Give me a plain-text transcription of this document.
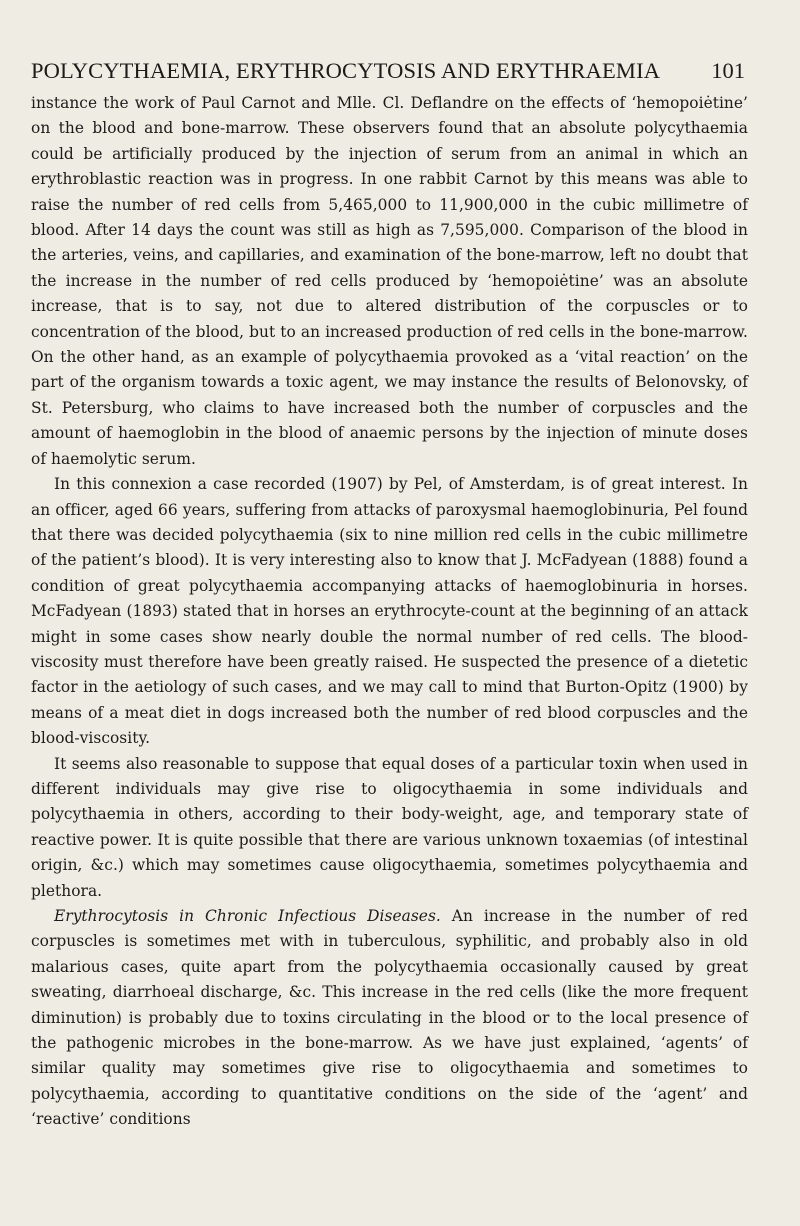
POLYCYTHAEMIA, ERYTHROCYTOSIS AND ERYTHRAEMIA 101

instance the work of Paul Carnot and Mlle. Cl. Deflandre on the effects of ‘hemopoiėtine’ on the blood and bone-marrow. These observers found that an absolute polycythaemia could be artificially produced by the injection of serum from an animal in which an erythroblastic reaction was in progress. In one rabbit Carnot by this means was able to raise the number of red cells from 5,465,000 to 11,900,000 in the cubic millimetre of blood. After 14 days the count was still as high as 7,595,000. Comparison of the blood in the arteries, veins, and capillaries, and examination of the bone-marrow, left no doubt that the increase in the number of red cells produced by ‘hemopoiėtine’ was an absolute increase, that is to say, not due to altered distribution of the corpuscles or to concentration of the blood, but to an increased production of red cells in the bone-marrow. On the other hand, as an example of polycythaemia provoked as a ‘vital reaction’ on the part of the organism towards a toxic agent, we may instance the results of Belonovsky, of St. Petersburg, who claims to have increased both the number of corpuscles and the amount of haemoglobin in the blood of anaemic persons by the injection of minute doses of haemolytic serum.

In this connexion a case recorded (1907) by Pel, of Amsterdam, is of great interest. In an officer, aged 66 years, suffering from attacks of paroxysmal haemoglobinuria, Pel found that there was decided polycythaemia (six to nine million red cells in the cubic millimetre of the patient’s blood). It is very interesting also to know that J. McFadyean (1888) found a condition of great polycythaemia accompanying attacks of haemoglobinuria in horses. McFadyean (1893) stated that in horses an erythrocyte-count at the beginning of an attack might in some cases show nearly double the normal number of red cells. The blood-viscosity must therefore have been greatly raised. He suspected the presence of a dietetic factor in the aetiology of such cases, and we may call to mind that Burton-Opitz (1900) by means of a meat diet in dogs increased both the number of red blood corpuscles and the blood-viscosity.

It seems also reasonable to suppose that equal doses of a particular toxin when used in different individuals may give rise to oligocythaemia in some individuals and polycythaemia in others, according to their body-weight, age, and temporary state of reactive power. It is quite possible that there are various unknown toxaemias (of intestinal origin, &c.) which may sometimes cause oligocythaemia, sometimes polycythaemia and plethora.

Erythrocytosis in Chronic Infectious Diseases. An increase in the number of red corpuscles is sometimes met with in tuberculous, syphilitic, and probably also in old malarious cases, quite apart from the polycythaemia occasionally caused by great sweating, diarrhoeal discharge, &c. This increase in the red cells (like the more frequent diminution) is probably due to toxins circulating in the blood or to the local presence of the pathogenic microbes in the bone-marrow. As we have just explained, ‘agents’ of similar quality may sometimes give rise to oligocythaemia and sometimes to polycythaemia, according to quantitative conditions on the side of the ‘agent’ and ‘reactive’ conditions
